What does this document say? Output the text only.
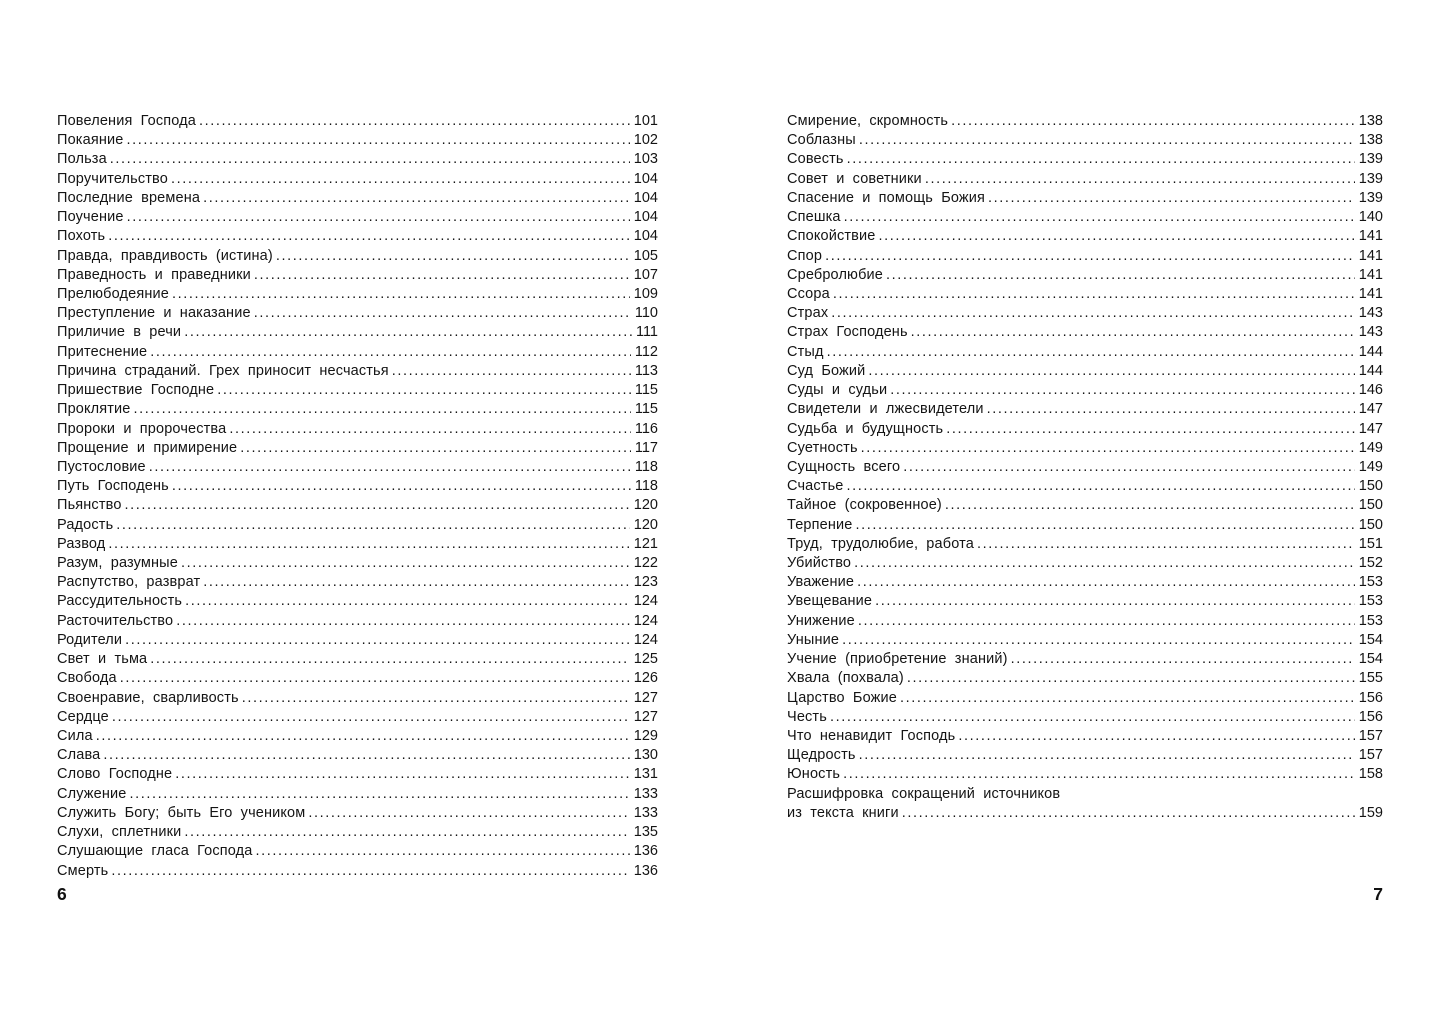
Повеления Господа .....	101
Покаяние .....	102
Польза .....	103
Поручительство .....	104
Последние времена .....	104
Поучение .....	104
Похоть .....	104
Правда, правдивость (истина) .....	105
Праведность и праведники .....	107
Прелюбодеяние .....	109
Преступление и наказание .....	110
Приличие в речи .....	111
Притеснение .....	112
Причина страданий. Грех приносит несчастья .....	113
Пришествие Господне .....	115
Проклятие .....	115
Пророки и пророчества .....	116
Прощение и примирение .....	117
Пустословие .....	118
Путь Господень .....	118
Пьянство .....	120
Радость .....	120
Развод .....	121
Разум, разумные .....	122
Распутство, разврат .....	123
Рассудительность .....	124
Расточительство .....	124
Родители .....	124
Свет и тьма .....	125
Свобода .....	126
Своенравие, сварливость .....	127
Сердце .....	127
Сила .....	129
Слава .....	130
Слово Господне .....	131
Служение .....	133
Служить Богу; быть Его учеником .....	133
Слухи, сплетники .....	135
Слушающие гласа Господа .....	136
Смерть .....	136
Смирение, скромность .....	138
Соблазны .....	138
Совесть .....	139
Совет и советники .....	139
Спасение и помощь Божия .....	139
Спешка .....	140
Спокойствие .....	141
Спор .....	141
Сребролюбие .....	141
Ссора .....	141
Страх .....	143
Страх Господень .....	143
Стыд .....	144
Суд Божий .....	144
Суды и судьи .....	146
Свидетели и лжесвидетели .....	147
Судьба и будущность .....	147
Суетность .....	149
Сущность всего .....	149
Счастье .....	150
Тайное (сокровенное) .....	150
Терпение .....	150
Труд, трудолюбие, работа .....	151
Убийство .....	152
Уважение .....	153
Увещевание .....	153
Унижение .....	153
Уныние .....	154
Учение (приобретение знаний) .....	154
Хвала (похвала) .....	155
Царство Божие .....	156
Честь .....	156
Что ненавидит Господь .....	157
Щедрость .....	157
Юность .....	158
Расшифровка сокращений источников
из текста книги .....	159
6	7
